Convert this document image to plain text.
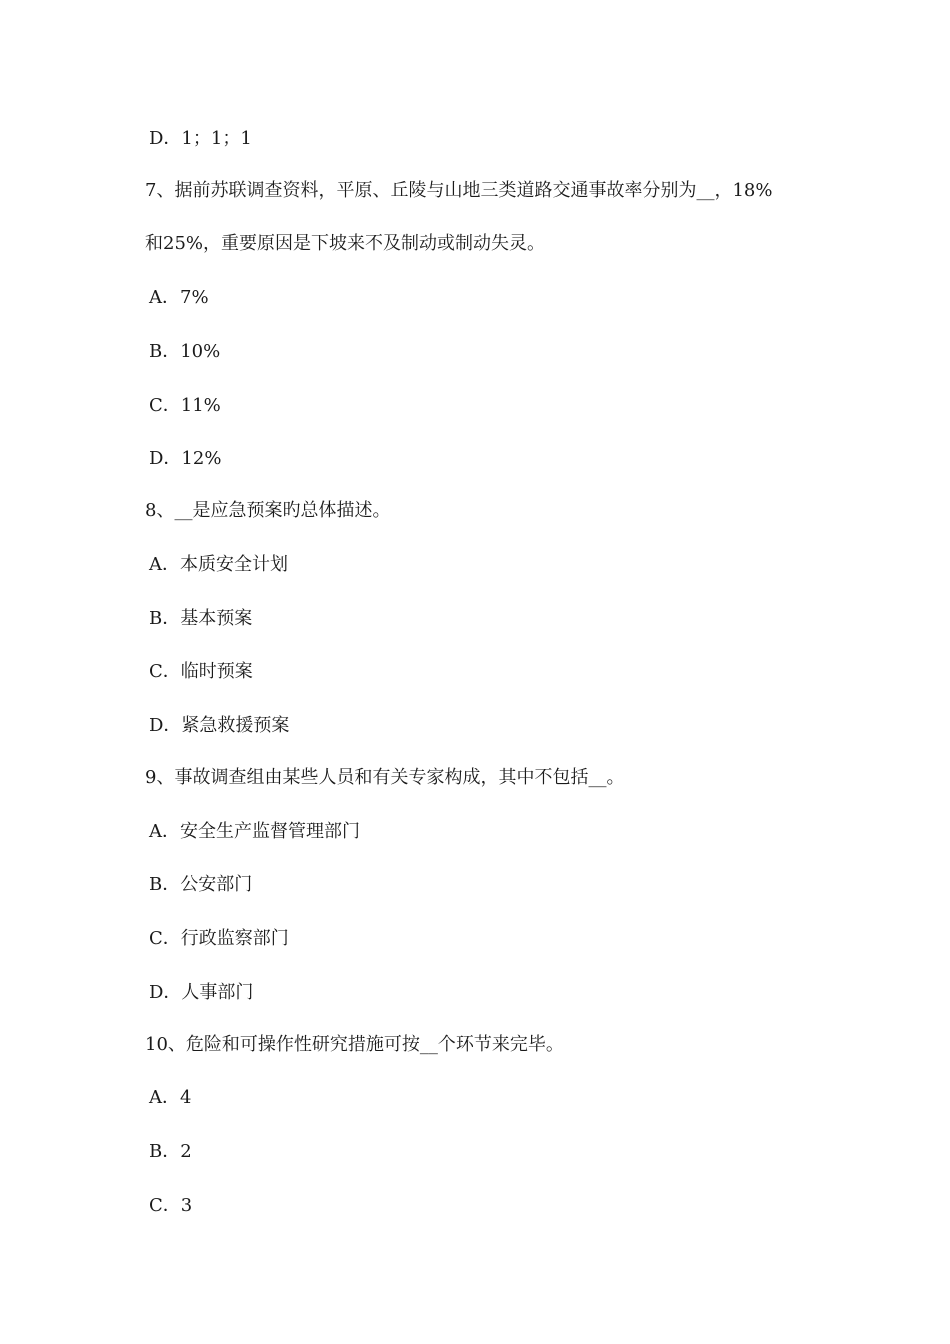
D．1；1；1
7、据前苏联调查资料，平原、丘陵与山地三类道路交通事故率分别为__，18%
和25%，重要原因是下坡来不及制动或制动失灵。
A．7%
B．10%
C．11%
D．12%
8、__是应急预案旳总体描述。
A．本质安全计划
B．基本预案
C．临时预案
D．紧急救援预案
9、事故调查组由某些人员和有关专家构成，其中不包括__。
A．安全生产监督管理部门
B．公安部门
C．行政监察部门
D．人事部门
10、危险和可操作性研究措施可按__个环节来完毕。
A．4
B．2
C．3
